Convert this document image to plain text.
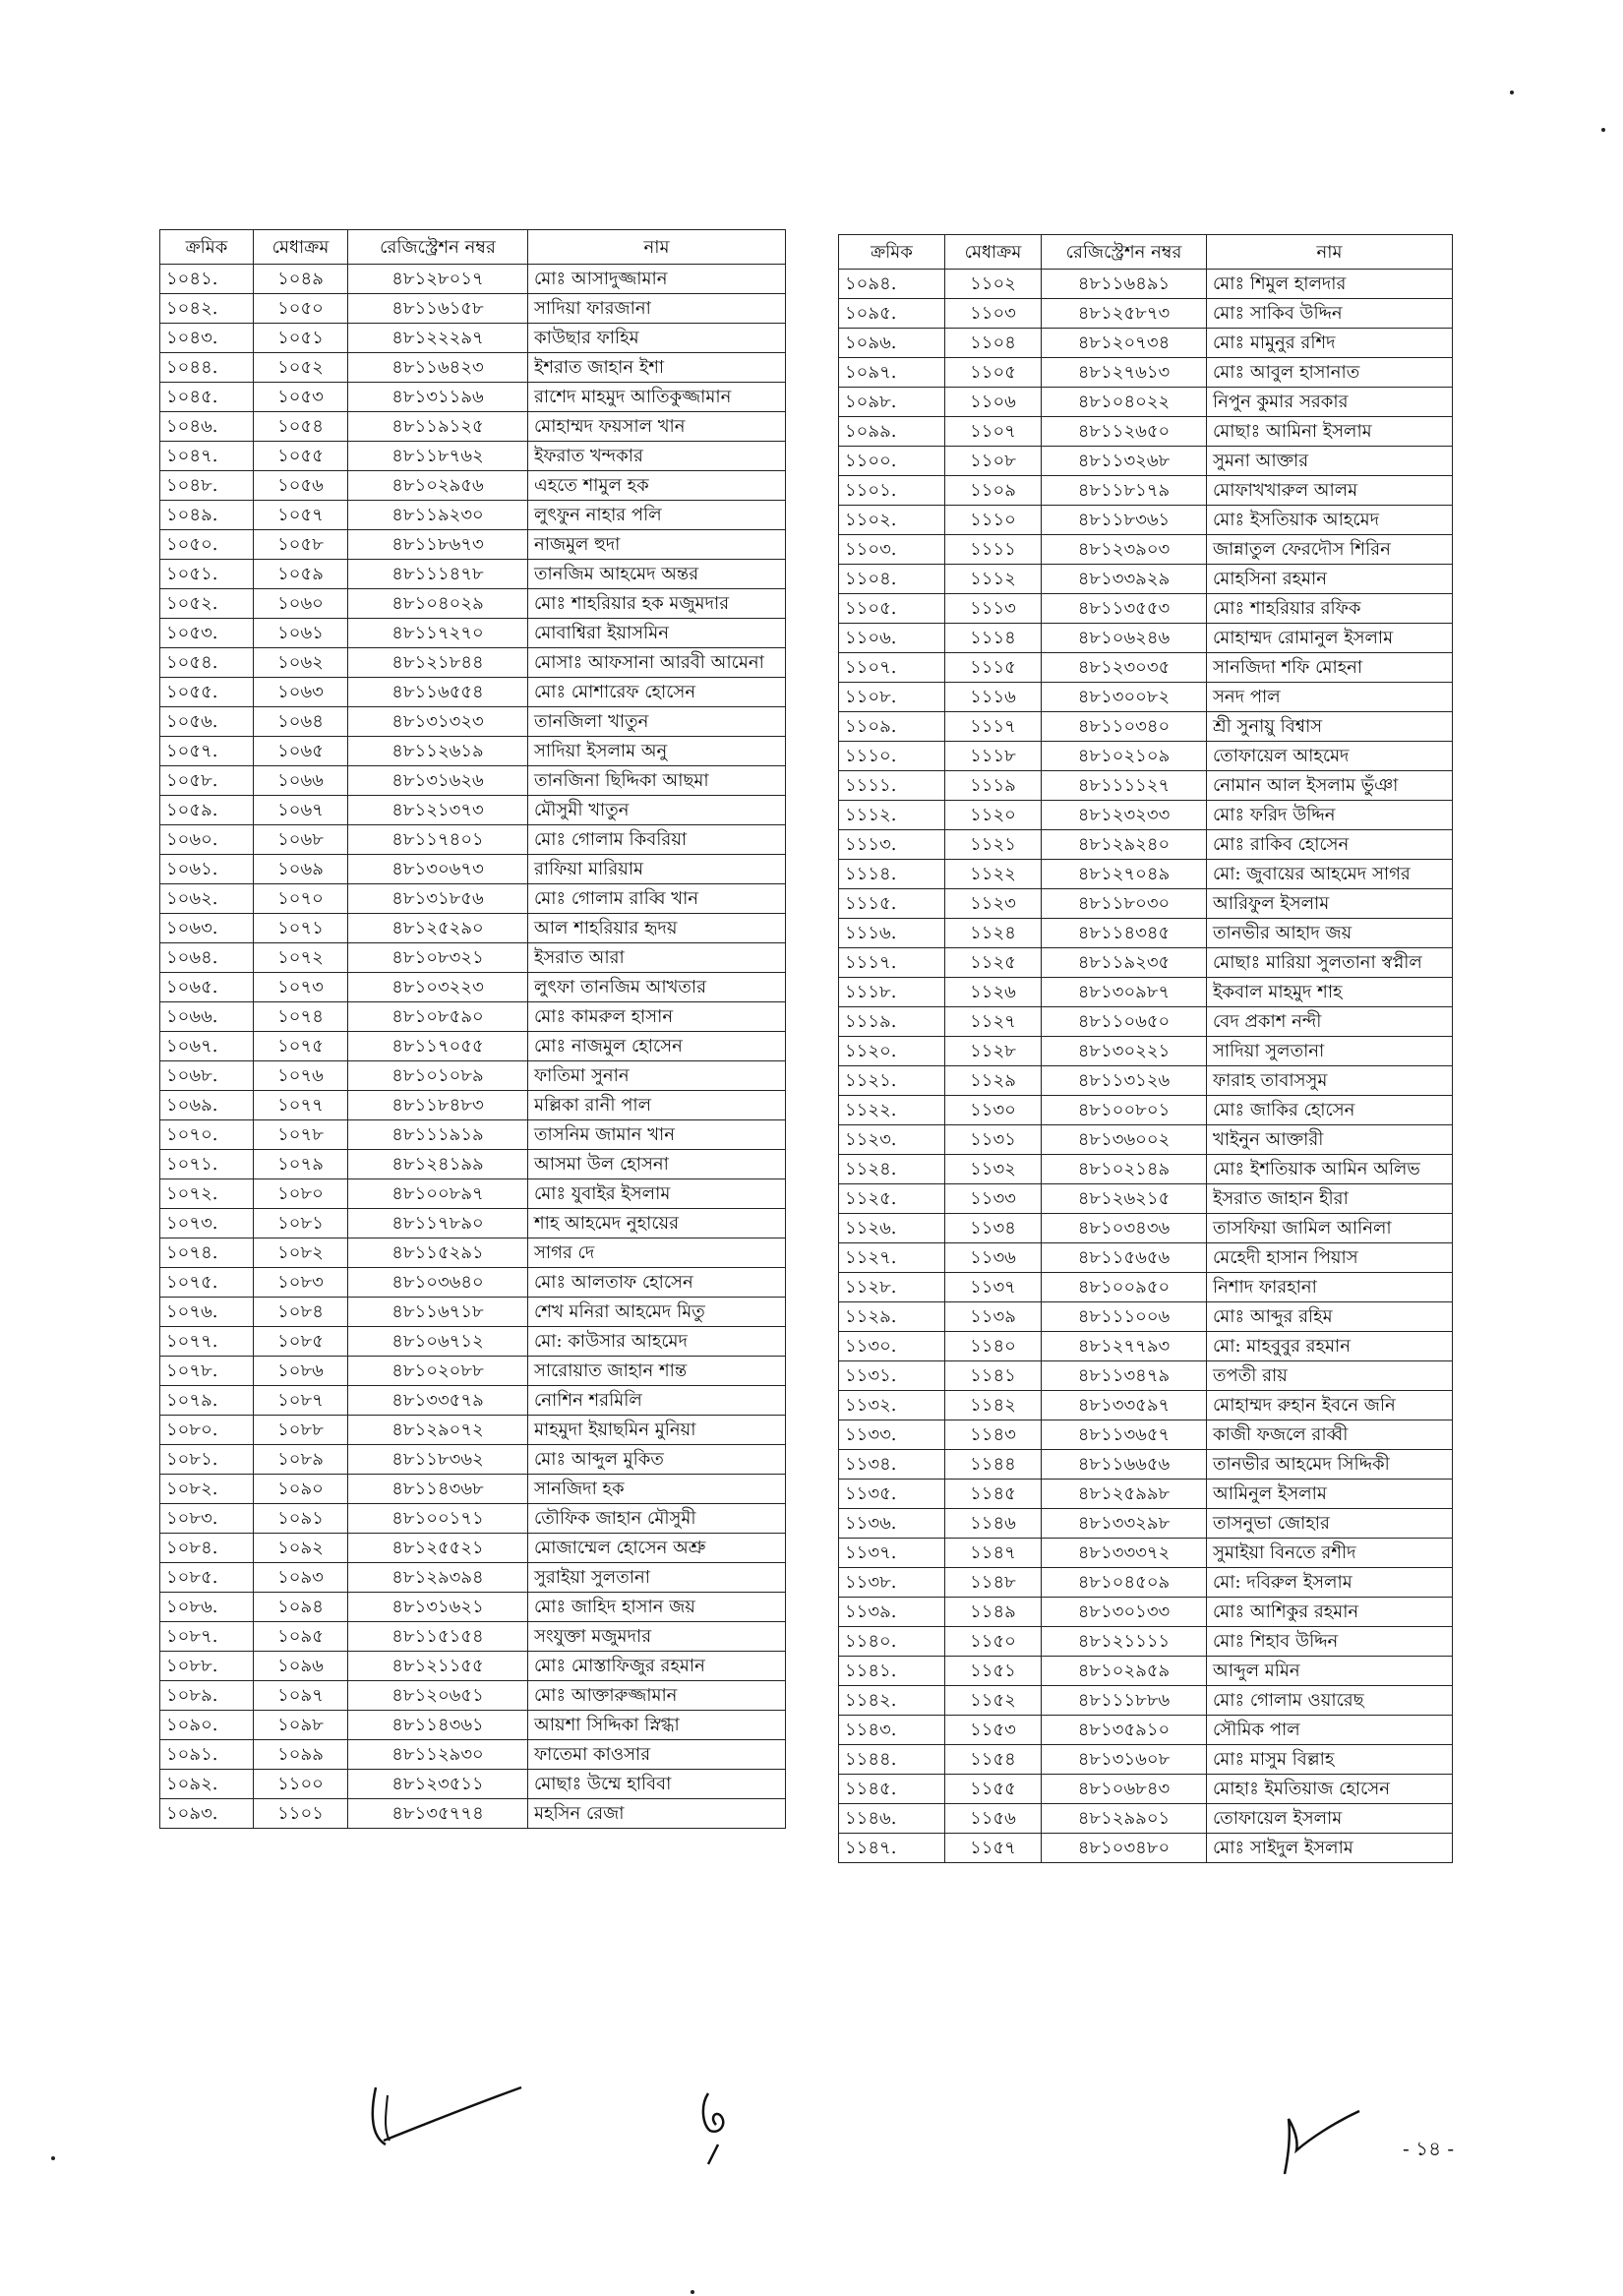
ক্রমিক	মেধাক্রম	রেজিস্ট্রেশন নম্বর	নাম
১০৪১.	১০৪৯	৪৮১২৮০১৭	মোঃ আসাদুজ্জামান
১০৪২.	১০৫০	৪৮১১৬১৫৮	সাদিয়া ফারজানা
১০৪৩.	১০৫১	৪৮১২২২৯৭	কাউছার ফাহিম
১০৪৪.	১০৫২	৪৮১১৬৪২৩	ইশরাত জাহান ইশা
১০৪৫.	১০৫৩	৪৮১৩১১৯৬	রাশেদ মাহমুদ আতিকুজ্জামান
১০৪৬.	১০৫৪	৪৮১১৯১২৫	মোহাম্মদ ফয়সাল খান
১০৪৭.	১০৫৫	৪৮১১৮৭৬২	ইফরাত খন্দকার
১০৪৮.	১০৫৬	৪৮১০২৯৫৬	এহতে শামুল হক
১০৪৯.	১০৫৭	৪৮১১৯২৩০	লুৎফুন নাহার পলি
১০৫০.	১০৫৮	৪৮১১৮৬৭৩	নাজমুল হুদা
১০৫১.	১০৫৯	৪৮১১১৪৭৮	তানজিম আহমেদ অন্তর
১০৫২.	১০৬০	৪৮১০৪০২৯	মোঃ শাহরিয়ার হক মজুমদার
১০৫৩.	১০৬১	৪৮১১৭২৭০	মোবাশ্বিরা ইয়াসমিন
১০৫৪.	১০৬২	৪৮১২১৮৪৪	মোসাঃ আফসানা আরবী আমেনা
১০৫৫.	১০৬৩	৪৮১১৬৫৫৪	মোঃ মোশারেফ হোসেন
১০৫৬.	১০৬৪	৪৮১৩১৩২৩	তানজিলা খাতুন
১০৫৭.	১০৬৫	৪৮১১২৬১৯	সাদিয়া ইসলাম অনু
১০৫৮.	১০৬৬	৪৮১৩১৬২৬	তানজিনা ছিদ্দিকা আছমা
১০৫৯.	১০৬৭	৪৮১২১৩৭৩	মৌসুমী খাতুন
১০৬০.	১০৬৮	৪৮১১৭৪০১	মোঃ গোলাম কিবরিয়া
১০৬১.	১০৬৯	৪৮১৩০৬৭৩	রাফিয়া মারিয়াম
১০৬২.	১০৭০	৪৮১৩১৮৫৬	মোঃ গোলাম রাব্বি খান
১০৬৩.	১০৭১	৪৮১২৫২৯০	আল শাহরিয়ার হৃদয়
১০৬৪.	১০৭২	৪৮১০৮৩২১	ইসরাত আরা
১০৬৫.	১০৭৩	৪৮১০৩২২৩	লুৎফা তানজিম আখতার
১০৬৬.	১০৭৪	৪৮১০৮৫৯০	মোঃ কামরুল হাসান
১০৬৭.	১০৭৫	৪৮১১৭০৫৫	মোঃ নাজমুল হোসেন
১০৬৮.	১০৭৬	৪৮১০১০৮৯	ফাতিমা সুনান
১০৬৯.	১০৭৭	৪৮১১৮৪৮৩	মল্লিকা রানী পাল
১০৭০.	১০৭৮	৪৮১১১৯১৯	তাসনিম জামান খান
১০৭১.	১০৭৯	৪৮১২৪১৯৯	আসমা উল হোসনা
১০৭২.	১০৮০	৪৮১০০৮৯৭	মোঃ যুবাইর ইসলাম
১০৭৩.	১০৮১	৪৮১১৭৮৯০	শাহ আহমেদ নুহায়ের
১০৭৪.	১০৮২	৪৮১১৫২৯১	সাগর দে
১০৭৫.	১০৮৩	৪৮১০৩৬৪০	মোঃ আলতাফ হোসেন
১০৭৬.	১০৮৪	৪৮১১৬৭১৮	শেখ মনিরা আহমেদ মিতু
১০৭৭.	১০৮৫	৪৮১০৬৭১২	মো: কাউসার আহমেদ
১০৭৮.	১০৮৬	৪৮১০২০৮৮	সারোয়াত জাহান শান্ত
১০৭৯.	১০৮৭	৪৮১৩৩৫৭৯	নোশিন শরমিলি
১০৮০.	১০৮৮	৪৮১২৯০৭২	মাহমুদা ইয়াছমিন মুনিয়া
১০৮১.	১০৮৯	৪৮১১৮৩৬২	মোঃ আব্দুল মুকিত
১০৮২.	১০৯০	৪৮১১৪৩৬৮	সানজিদা হক
১০৮৩.	১০৯১	৪৮১০০১৭১	তৌফিক জাহান মৌসুমী
১০৮৪.	১০৯২	৪৮১২৫৫২১	মোজাম্মেল হোসেন অশ্রু
১০৮৫.	১০৯৩	৪৮১২৯৩৯৪	সুরাইয়া সুলতানা
১০৮৬.	১০৯৪	৪৮১৩১৬২১	মোঃ জাহিদ হাসান জয়
১০৮৭.	১০৯৫	৪৮১১৫১৫৪	সংযুক্তা মজুমদার
১০৮৮.	১০৯৬	৪৮১২১১৫৫	মোঃ মোস্তাফিজুর রহমান
১০৮৯.	১০৯৭	৪৮১২০৬৫১	মোঃ আক্তারুজ্জামান
১০৯০.	১০৯৮	৪৮১১৪৩৬১	আয়শা সিদ্দিকা স্নিগ্ধা
১০৯১.	১০৯৯	৪৮১১২৯৩০	ফাতেমা কাওসার
১০৯২.	১১০০	৪৮১২৩৫১১	মোছাঃ উম্মে হাবিবা
১০৯৩.	১১০১	৪৮১৩৫৭৭৪	মহসিন রেজা
ক্রমিক	মেধাক্রম	রেজিস্ট্রেশন নম্বর	নাম
১০৯৪.	১১০২	৪৮১১৬৪৯১	মোঃ শিমুল হালদার
১০৯৫.	১১০৩	৪৮১২৫৮৭৩	মোঃ সাকিব উদ্দিন
১০৯৬.	১১০৪	৪৮১২০৭৩৪	মোঃ মামুনুর রশিদ
১০৯৭.	১১০৫	৪৮১২৭৬১৩	মোঃ আবুল হাসানাত
১০৯৮.	১১০৬	৪৮১০৪০২২	নিপুন কুমার সরকার
১০৯৯.	১১০৭	৪৮১১২৬৫০	মোছাঃ আমিনা ইসলাম
১১০০.	১১০৮	৪৮১১৩২৬৮	সুমনা আক্তার
১১০১.	১১০৯	৪৮১১৮১৭৯	মোফাখখারুল আলম
১১০২.	১১১০	৪৮১১৮৩৬১	মোঃ ইসতিয়াক আহমেদ
১১০৩.	১১১১	৪৮১২৩৯০৩	জান্নাতুল ফেরদৌস শিরিন
১১০৪.	১১১২	৪৮১৩৩৯২৯	মোহসিনা রহমান
১১০৫.	১১১৩	৪৮১১৩৫৫৩	মোঃ শাহরিয়ার রফিক
১১০৬.	১১১৪	৪৮১০৬২৪৬	মোহাম্মদ রোমানুল ইসলাম
১১০৭.	১১১৫	৪৮১২৩০৩৫	সানজিদা শফি মোহনা
১১০৮.	১১১৬	৪৮১৩০০৮২	সনদ পাল
১১০৯.	১১১৭	৪৮১১০৩৪০	শ্রী সুনায়ু বিশ্বাস
১১১০.	১১১৮	৪৮১০২১০৯	তোফায়েল আহমেদ
১১১১.	১১১৯	৪৮১১১১২৭	নোমান আল ইসলাম ভুঁঞা
১১১২.	১১২০	৪৮১২৩২৩৩	মোঃ ফরিদ উদ্দিন
১১১৩.	১১২১	৪৮১২৯২৪০	মোঃ রাকিব হোসেন
১১১৪.	১১২২	৪৮১২৭০৪৯	মো: জুবায়ের আহমেদ সাগর
১১১৫.	১১২৩	৪৮১১৮০৩০	আরিফুল ইসলাম
১১১৬.	১১২৪	৪৮১১৪৩৪৫	তানভীর আহাদ জয়
১১১৭.	১১২৫	৪৮১১৯২৩৫	মোছাঃ মারিয়া সুলতানা স্বপ্নীল
১১১৮.	১১২৬	৪৮১৩০৯৮৭	ইকবাল মাহমুদ শাহ
১১১৯.	১১২৭	৪৮১১০৬৫০	বেদ প্রকাশ নন্দী
১১২০.	১১২৮	৪৮১৩০২২১	সাদিয়া সুলতানা
১১২১.	১১২৯	৪৮১১৩১২৬	ফারাহ তাবাসসুম
১১২২.	১১৩০	৪৮১০০৮০১	মোঃ জাকির হোসেন
১১২৩.	১১৩১	৪৮১৩৬০০২	খাইনুন আক্তারী
১১২৪.	১১৩২	৪৮১০২১৪৯	মোঃ ইশতিয়াক আমিন অলিভ
১১২৫.	১১৩৩	৪৮১২৬২১৫	ইসরাত জাহান হীরা
১১২৬.	১১৩৪	৪৮১০৩৪৩৬	তাসফিয়া জামিল আনিলা
১১২৭.	১১৩৬	৪৮১১৫৬৫৬	মেহেদী হাসান পিয়াস
১১২৮.	১১৩৭	৪৮১০০৯৫০	নিশাদ ফারহানা
১১২৯.	১১৩৯	৪৮১১১০০৬	মোঃ আব্দুর রহিম
১১৩০.	১১৪০	৪৮১২৭৭৯৩	মো: মাহবুবুর রহমান
১১৩১.	১১৪১	৪৮১১৩৪৭৯	তপতী রায়
১১৩২.	১১৪২	৪৮১৩৩৫৯৭	মোহাম্মদ রুহান ইবনে জনি
১১৩৩.	১১৪৩	৪৮১১৩৬৫৭	কাজী ফজলে রাব্বী
১১৩৪.	১১৪৪	৪৮১১৬৬৫৬	তানভীর আহমেদ সিদ্দিকী
১১৩৫.	১১৪৫	৪৮১২৫৯৯৮	আমিনুল ইসলাম
১১৩৬.	১১৪৬	৪৮১৩৩২৯৮	তাসনুভা জোহার
১১৩৭.	১১৪৭	৪৮১৩৩৩৭২	সুমাইয়া বিনতে রশীদ
১১৩৮.	১১৪৮	৪৮১০৪৫০৯	মো: দবিরুল ইসলাম
১১৩৯.	১১৪৯	৪৮১৩০১৩৩	মোঃ আশিকুর রহমান
১১৪০.	১১৫০	৪৮১২১১১১	মোঃ শিহাব উদ্দিন
১১৪১.	১১৫১	৪৮১০২৯৫৯	আব্দুল মমিন
১১৪২.	১১৫২	৪৮১১১৮৮৬	মোঃ গোলাম ওয়ারেছ
১১৪৩.	১১৫৩	৪৮১৩৫৯১০	সৌমিক পাল
১১৪৪.	১১৫৪	৪৮১৩১৬০৮	মোঃ মাসুম বিল্লাহ
১১৪৫.	১১৫৫	৪৮১০৬৮৪৩	মোহাঃ ইমতিয়াজ হোসেন
১১৪৬.	১১৫৬	৪৮১২৯৯০১	তোফায়েল ইসলাম
১১৪৭.	১১৫৭	৪৮১০৩৪৮০	মোঃ সাইদুল ইসলাম
- ১৪ -
